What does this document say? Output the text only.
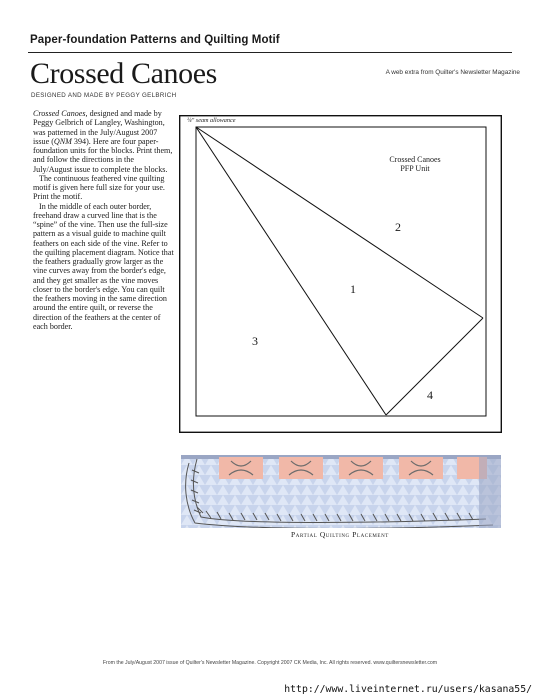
Paper-foundation Patterns and Quilting Motif
Crossed Canoes
DESIGNED AND MADE BY PEGGY GELBRICH
A web extra from Quilter's Newsletter Magazine

Crossed Canoes, designed and made by Peggy Gelbrich of Langley, Washington, was patterned in the July/August 2007 issue (QNM 394). Here are four paper-foundation units for the blocks. Print them, and follow the directions in the July/August issue to complete the blocks.

The continuous feathered vine quilting motif is given here full size for your use. Print the motif.

In the middle of each outer border, freehand draw a curved line that is the “spine” of the vine. Then use the full-size pattern as a visual guide to machine quilt feathers on each side of the vine. Refer to the quilting placement diagram. Notice that the feathers gradually grow larger as the vine curves away from the border's edge, and they get smaller as the vine moves closer to the border's edge. You can quilt the feathers moving in the same direction around the entire quilt, or reverse the direction of the feathers at the center of each border.

¼" seam allowance
Crossed Canoes
PFP Unit
1
2
3
4
Partial Quilting Placement
From the July/August 2007 issue of Quilter's Newsletter Magazine. Copyright 2007 CK Media, Inc. All rights reserved. www.quiltersnewsletter.com
http://www.liveinternet.ru/users/kasana55/
